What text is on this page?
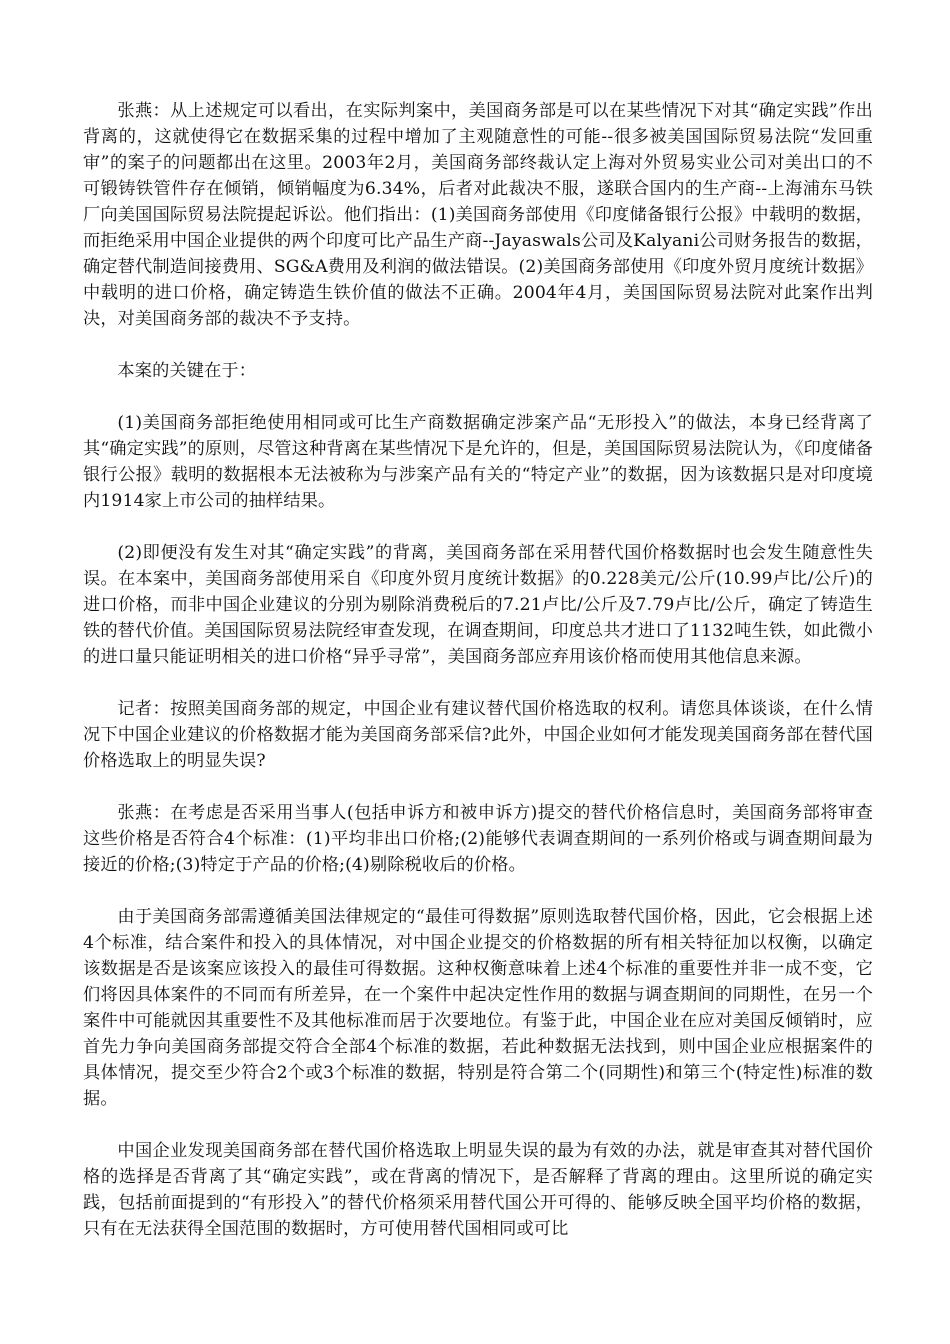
张燕：从上述规定可以看出，在实际判案中，美国商务部是可以在某些情况下对其“确定实践”作出背离的，这就使得它在数据采集的过程中增加了主观随意性的可能--很多被美国国际贸易法院“发回重审”的案子的问题都出在这里。2003年2月，美国商务部终裁认定上海对外贸易实业公司对美出口的不可锻铸铁管件存在倾销，倾销幅度为6.34%，后者对此裁决不服，遂联合国内的生产商--上海浦东马铁厂向美国国际贸易法院提起诉讼。他们指出：(1)美国商务部使用《印度储备银行公报》中载明的数据，而拒绝采用中国企业提供的两个印度可比产品生产商--Jayaswals公司及Kalyani公司财务报告的数据，确定替代制造间接费用、SG&A费用及利润的做法错误。(2)美国商务部使用《印度外贸月度统计数据》中载明的进口价格，确定铸造生铁价值的做法不正确。2004年4月，美国国际贸易法院对此案作出判决，对美国商务部的裁决不予支持。

本案的关键在于：

(1)美国商务部拒绝使用相同或可比生产商数据确定涉案产品“无形投入”的做法，本身已经背离了其“确定实践”的原则，尽管这种背离在某些情况下是允许的，但是，美国国际贸易法院认为，《印度储备银行公报》载明的数据根本无法被称为与涉案产品有关的“特定产业”的数据，因为该数据只是对印度境内1914家上市公司的抽样结果。

(2)即便没有发生对其“确定实践”的背离，美国商务部在采用替代国价格数据时也会发生随意性失误。在本案中，美国商务部使用采自《印度外贸月度统计数据》的0.228美元/公斤(10.99卢比/公斤)的进口价格，而非中国企业建议的分别为剔除消费税后的7.21卢比/公斤及7.79卢比/公斤，确定了铸造生铁的替代价值。美国国际贸易法院经审查发现，在调查期间，印度总共才进口了1132吨生铁，如此微小的进口量只能证明相关的进口价格“异乎寻常”，美国商务部应弃用该价格而使用其他信息来源。

记者：按照美国商务部的规定，中国企业有建议替代国价格选取的权利。请您具体谈谈，在什么情况下中国企业建议的价格数据才能为美国商务部采信?此外，中国企业如何才能发现美国商务部在替代国价格选取上的明显失误?

张燕：在考虑是否采用当事人(包括申诉方和被申诉方)提交的替代价格信息时，美国商务部将审查这些价格是否符合4个标准：(1)平均非出口价格;(2)能够代表调查期间的一系列价格或与调查期间最为接近的价格;(3)特定于产品的价格;(4)剔除税收后的价格。

由于美国商务部需遵循美国法律规定的“最佳可得数据”原则选取替代国价格，因此，它会根据上述4个标准，结合案件和投入的具体情况，对中国企业提交的价格数据的所有相关特征加以权衡，以确定该数据是否是该案应该投入的最佳可得数据。这种权衡意味着上述4个标准的重要性并非一成不变，它们将因具体案件的不同而有所差异，在一个案件中起决定性作用的数据与调查期间的同期性，在另一个案件中可能就因其重要性不及其他标准而居于次要地位。有鉴于此，中国企业在应对美国反倾销时，应首先力争向美国商务部提交符合全部4个标准的数据，若此种数据无法找到，则中国企业应根据案件的具体情况，提交至少符合2个或3个标准的数据，特别是符合第二个(同期性)和第三个(特定性)标准的数据。

中国企业发现美国商务部在替代国价格选取上明显失误的最为有效的办法，就是审查其对替代国价格的选择是否背离了其“确定实践”，或在背离的情况下，是否解释了背离的理由。这里所说的确定实践，包括前面提到的“有形投入”的替代价格须采用替代国公开可得的、能够反映全国平均价格的数据，只有在无法获得全国范围的数据时，方可使用替代国相同或可比
